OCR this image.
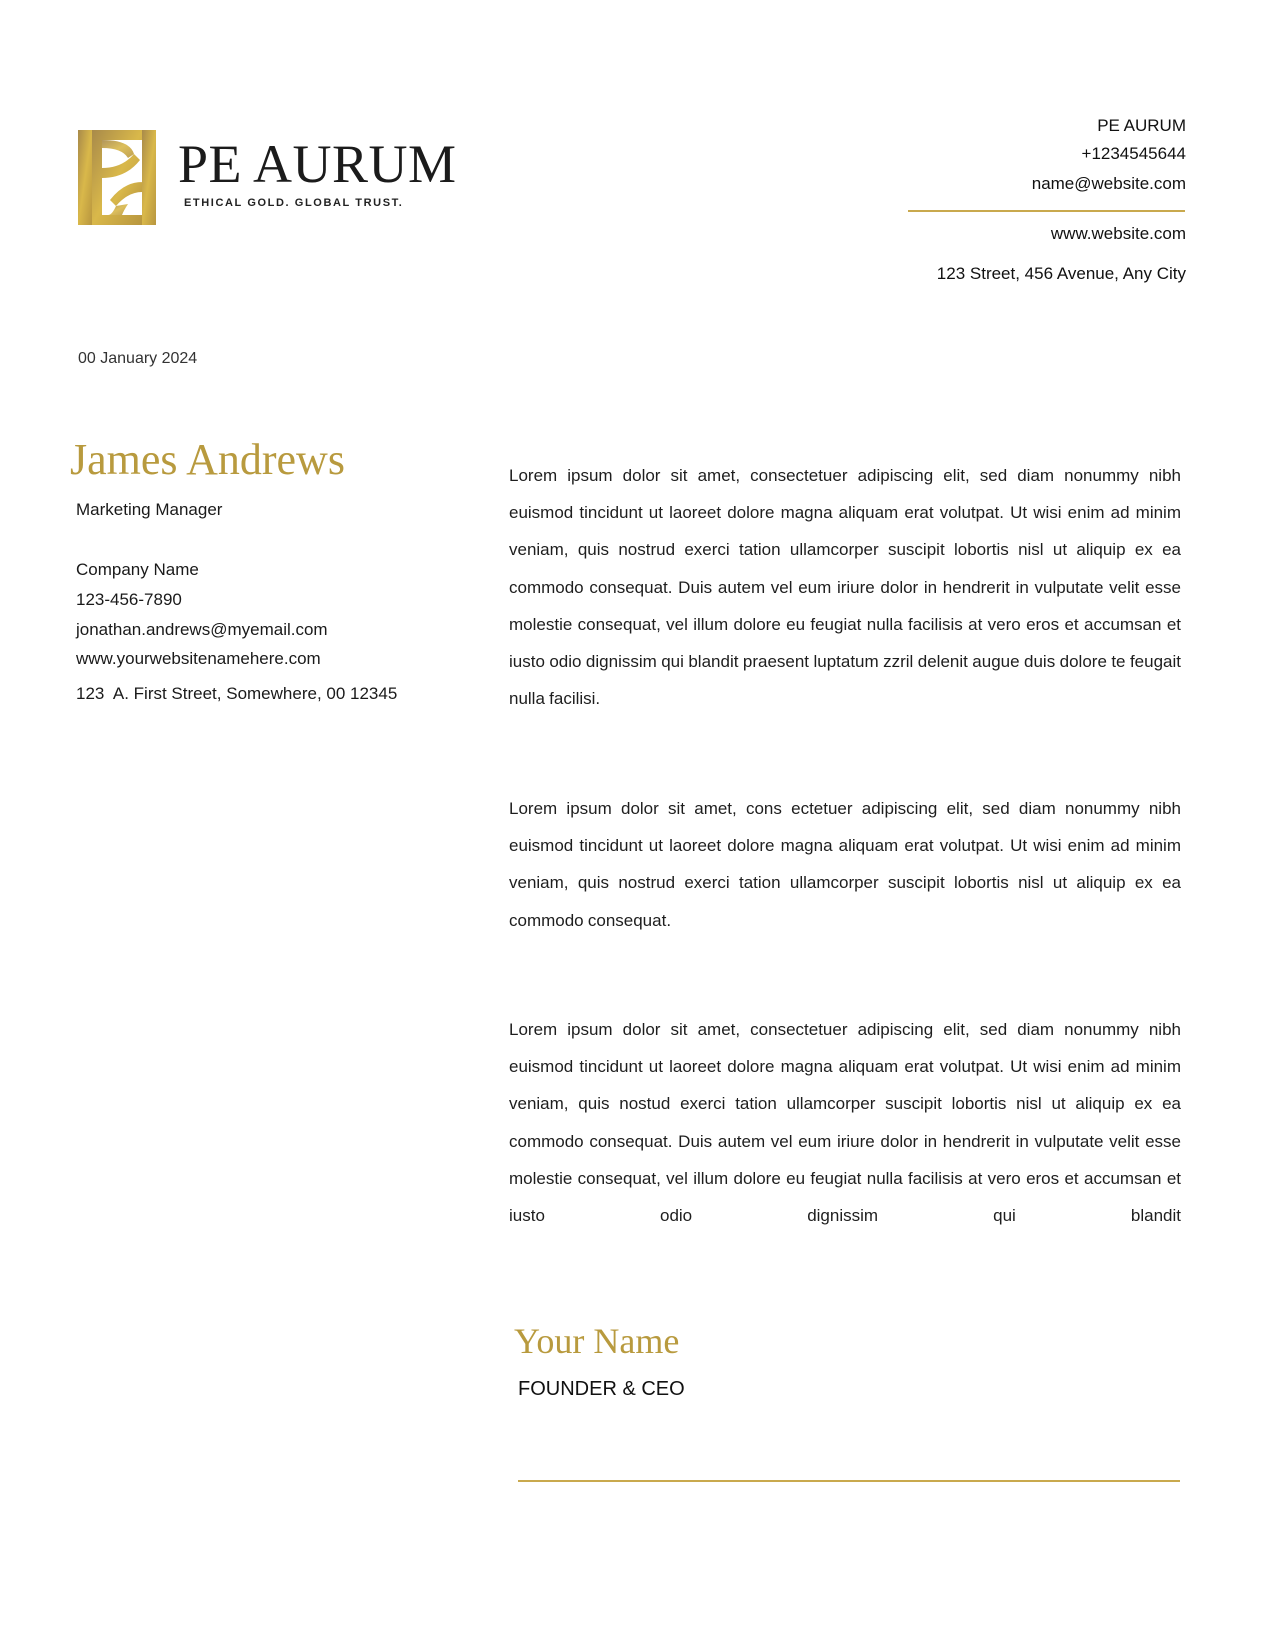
PE AURUM
ETHICAL GOLD. GLOBAL TRUST.
PE AURUM
+1234545644
name@website.com
www.website.com
123 Street, 456 Avenue, Any City
00 January 2024
James Andrews
Marketing Manager
Company Name
123-456-7890
jonathan.andrews@myemail.com
www.yourwebsitenamehere.com
123  A. First Street, Somewhere, 00 12345
Lorem ipsum dolor sit amet, consectetuer adipiscing elit, sed diam nonummy nibh euismod tincidunt ut laoreet dolore magna aliquam erat volutpat. Ut wisi enim ad minim veniam, quis nostrud exerci tation ullamcorper suscipit lobortis nisl ut aliquip ex ea commodo consequat. Duis autem vel eum iriure dolor in hendrerit in vulputate velit esse molestie consequat, vel illum dolore eu feugiat nulla facilisis at vero eros et accumsan et iusto odio dignissim qui blandit praesent luptatum zzril delenit augue duis dolore te feugait nulla facilisi.
Lorem ipsum dolor sit amet, cons ectetuer adipiscing elit, sed diam nonummy nibh euismod tincidunt ut laoreet dolore magna aliquam erat volutpat. Ut wisi enim ad minim veniam, quis nostrud exerci tation ullamcorper suscipit lobortis nisl ut aliquip ex ea commodo consequat.
Lorem ipsum dolor sit amet, consectetuer adipiscing elit, sed diam nonummy nibh euismod tincidunt ut laoreet dolore magna aliquam erat volutpat. Ut wisi enim ad minim veniam, quis nostud exerci tation ullamcorper suscipit lobortis nisl ut aliquip ex ea commodo consequat. Duis autem vel eum iriure dolor in hendrerit in vulputate velit esse molestie consequat, vel illum dolore eu feugiat nulla facilisis at vero eros et accumsan et iusto odio dignissim qui blandit
Your Name
FOUNDER & CEO
